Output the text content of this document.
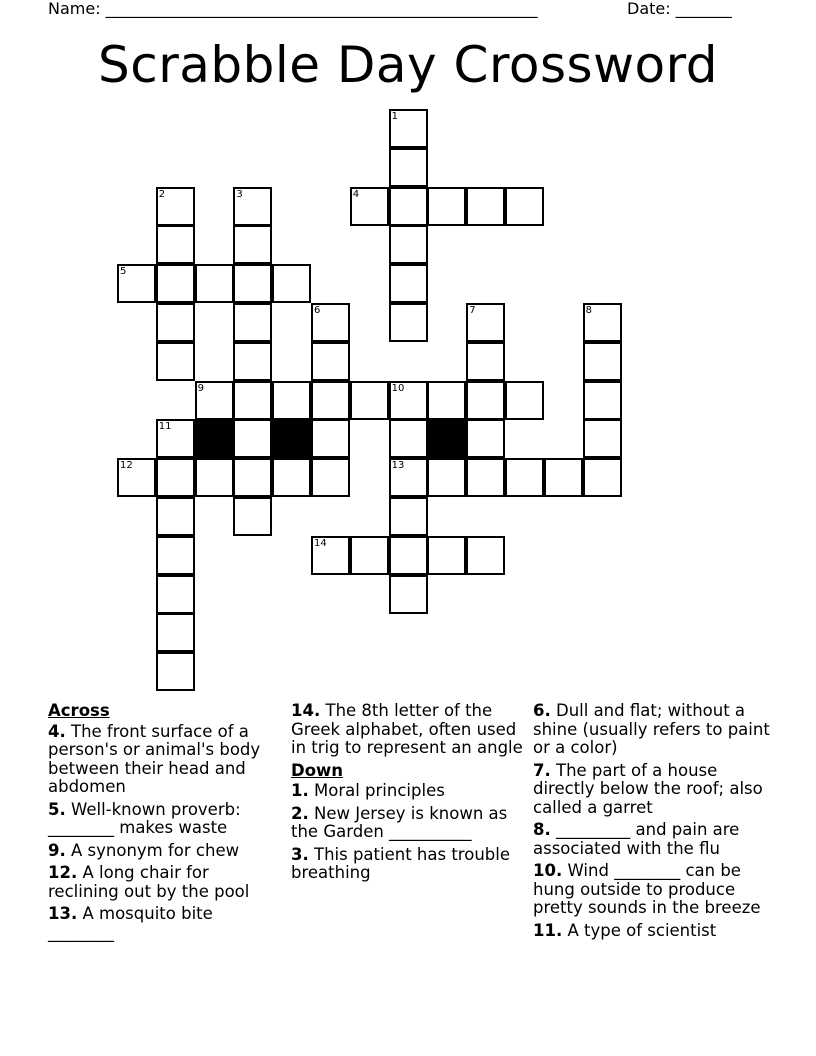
Name: ______________________________________________________	Date: _______
Scrabble Day Crossword
1
2	3	4
5
6	7	8
9	10
11
12	13
14
Across
4. The front surface of a person's or animal's body between their head and abdomen
5. Well-known proverb: ________ makes waste
9. A synonym for chew
12. A long chair for reclining out by the pool
13. A mosquito bite ________
14. The 8th letter of the Greek alphabet, often used in trig to represent an angle
Down
1. Moral principles
2. New Jersey is known as the Garden __________
3. This patient has trouble breathing
6. Dull and flat; without a shine (usually refers to paint or a color)
7. The part of a house directly below the roof; also called a garret
8. _________ and pain are associated with the flu
10. Wind ________ can be hung outside to produce pretty sounds in the breeze
11. A type of scientist
